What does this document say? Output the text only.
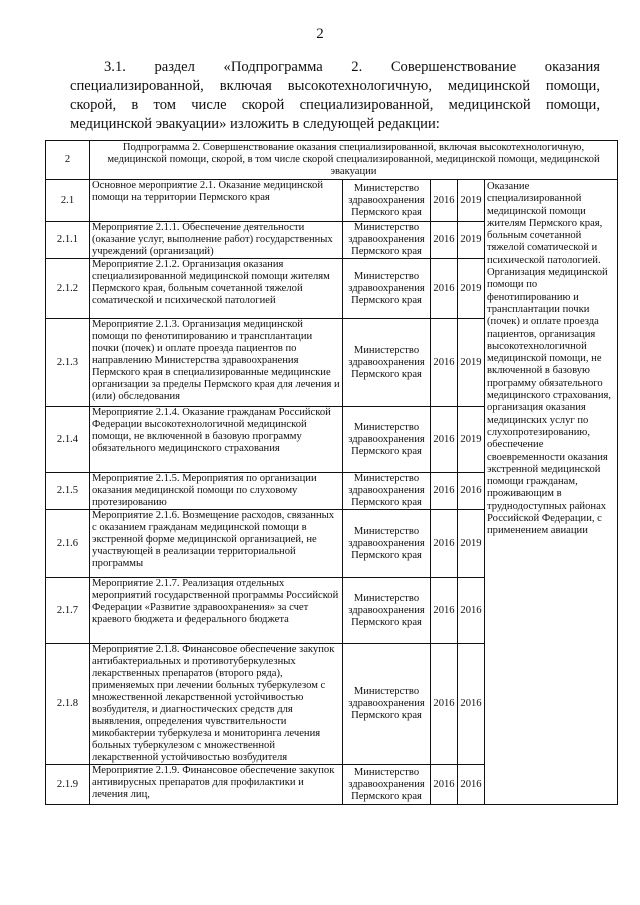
2

3.1. раздел «Подпрограмма 2. Совершенствование оказания специализированной, включая высокотехнологичную, медицинской помощи, скорой, в том числе скорой специализированной, медицинской помощи, медицинской эвакуации» изложить в следующей редакции:

2	Подпрограмма 2. Совершенствование оказания специализированной, включая высокотехнологичную, медицинской помощи, скорой, в том числе скорой специализированной, медицинской помощи, медицинской эвакуации				
2.1	Основное мероприятие 2.1. Оказание медицинской помощи на территории Пермского края	Министерство здравоохранения Пермского края	2016	2019	Оказание специализированной медицинской помощи жителям Пермского края, больным сочетанной тяжелой соматической и психической патологией. Организация медицинской помощи по фенотипированию и трансплантации почки (почек) и оплате проезда пациентов, организация высокотехнологичной медицинской помощи, не включенной в базовую программу обязательного медицинского страхования, организация оказания медицинских услуг по слухопротезированию, обеспечение своевременности оказания экстренной медицинской помощи гражданам, проживающим в труднодоступных районах Российской Федерации, с применением авиации
2.1.1	Мероприятие 2.1.1. Обеспечение деятельности (оказание услуг, выполнение работ) государственных учреждений (организаций)	Министерство здравоохранения Пермского края	2016	2019	
2.1.2	Мероприятие 2.1.2. Организация оказания специализированной медицинской помощи жителям Пермского края, больным сочетанной тяжелой соматической и психической патологией	Министерство здравоохранения Пермского края	2016	2019	
2.1.3	Мероприятие 2.1.3. Организация медицинской помощи по фенотипированию и трансплантации почки (почек) и оплате проезда пациентов по направлению Министерства здравоохранения Пермского края в специализированные медицинские организации за пределы Пермского края для лечения и (или) обследования	Министерство здравоохранения Пермского края	2016	2019	
2.1.4	Мероприятие 2.1.4. Оказание гражданам Российской Федерации высокотехнологичной медицинской помощи, не включенной в базовую программу обязательного медицинского страхования	Министерство здравоохранения Пермского края	2016	2019	
2.1.5	Мероприятие 2.1.5. Мероприятия по организации оказания медицинской помощи по слуховому протезированию	Министерство здравоохранения Пермского края	2016	2016	
2.1.6	Мероприятие 2.1.6. Возмещение расходов, связанных с оказанием гражданам медицинской помощи в экстренной форме медицинской организацией, не участвующей в реализации территориальной программы	Министерство здравоохранения Пермского края	2016	2019	
2.1.7	Мероприятие 2.1.7. Реализация отдельных мероприятий государственной программы Российской Федерации «Развитие здравоохранения» за счет краевого бюджета и федерального бюджета	Министерство здравоохранения Пермского края	2016	2016	
2.1.8	Мероприятие 2.1.8. Финансовое обеспечение закупок антибактериальных и противотуберкулезных лекарственных препаратов (второго ряда), применяемых при лечении больных туберкулезом с множественной лекарственной устойчивостью возбудителя, и диагностических средств для выявления, определения чувствительности микобактерии туберкулеза и мониторинга лечения больных туберкулезом с множественной лекарственной устойчивостью возбудителя	Министерство здравоохранения Пермского края	2016	2016	
2.1.9	Мероприятие 2.1.9. Финансовое обеспечение закупок антивирусных препаратов для профилактики и лечения лиц,	Министерство здравоохранения Пермского края	2016	2016	
